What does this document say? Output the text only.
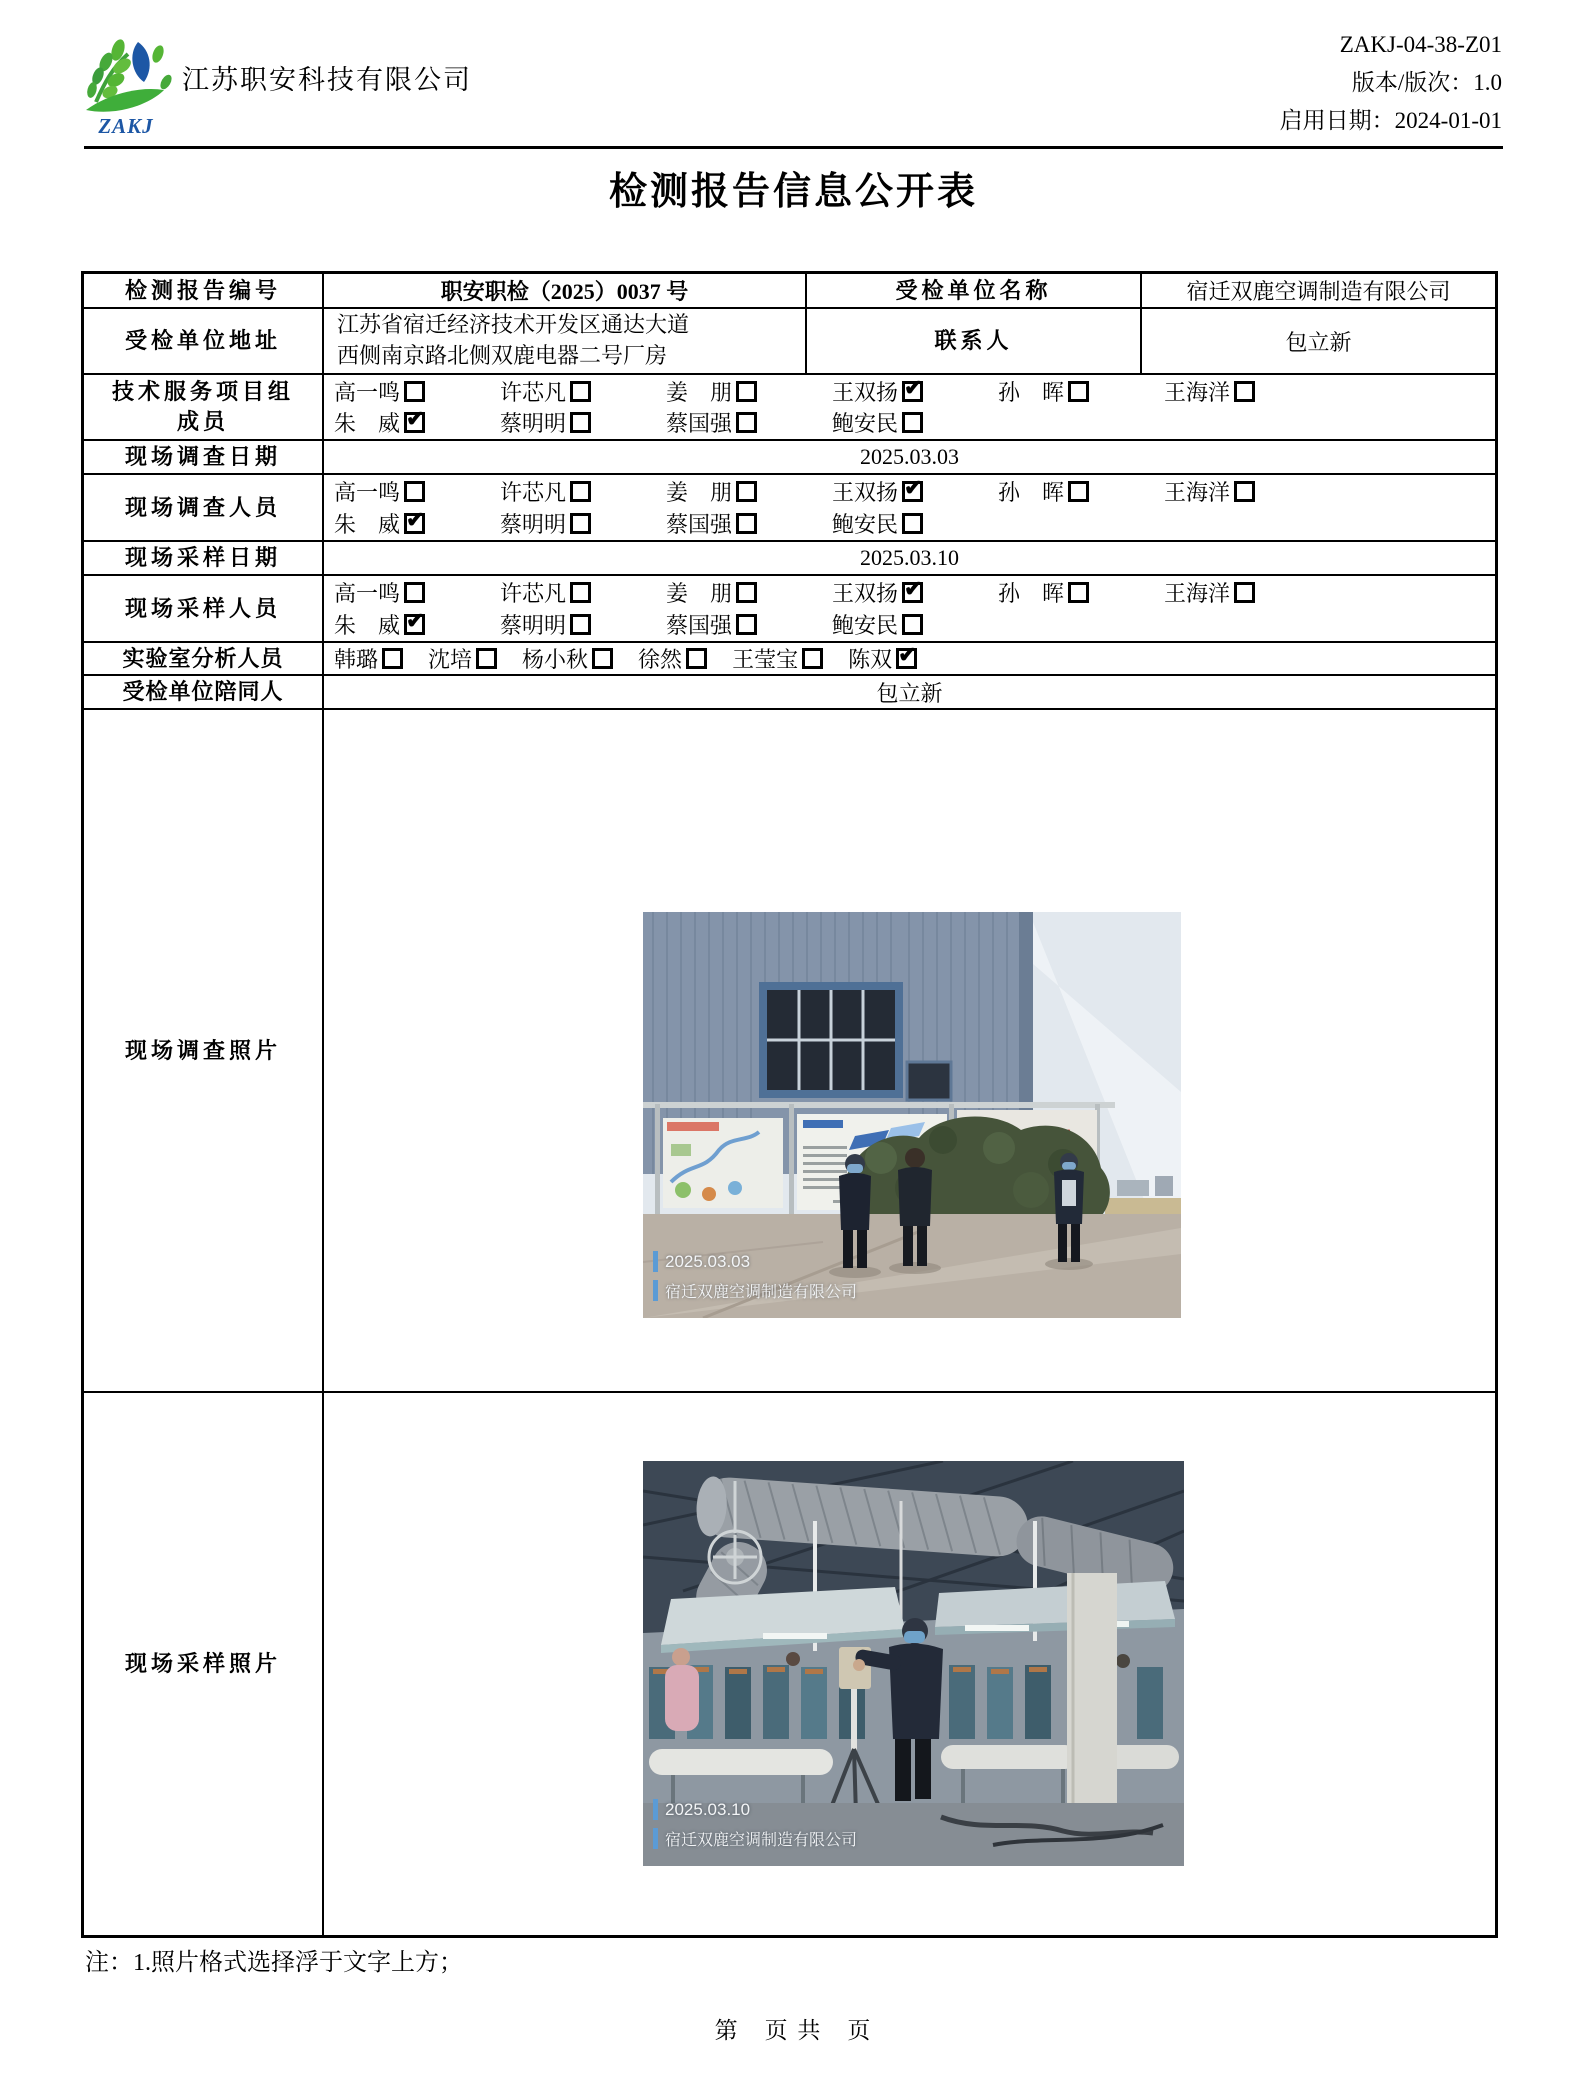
ZAKJ
江苏职安科技有限公司
ZAKJ-04-38-Z01
版本/版次：1.0
启用日期：2024-01-01
检测报告信息公开表
检测报告编号	职安职检（2025）0037 号	受检单位名称	宿迁双鹿空调制造有限公司
受检单位地址
江苏省宿迁经济技术开发区通达大道
西侧南京路北侧双鹿电器二号厂房
联系人	包立新
技术服务项目组
成员
高一鸣	许芯凡	姜　朋	王双扬 ✔	孙　晖	王海洋
朱　威 ✔	蔡明明	蔡国强	鲍安民
现场调查日期	2025.03.03
现场调查人员
高一鸣	许芯凡	姜　朋	王双扬 ✔	孙　晖	王海洋
朱　威 ✔	蔡明明	蔡国强	鲍安民
现场采样日期	2025.03.10
现场采样人员
高一鸣	许芯凡	姜　朋	王双扬 ✔	孙　晖	王海洋
朱　威 ✔	蔡明明	蔡国强	鲍安民
实验室分析人员	韩璐 沈培 杨小秋 徐然 王莹宝 陈双
✔
受检单位陪同人	包立新
现场调查照片
2025.03.03
宿迁双鹿空调制造有限公司
现场采样照片
2025.03.10
宿迁双鹿空调制造有限公司
注：1.照片格式选择浮于文字上方；
第　页 共　页
